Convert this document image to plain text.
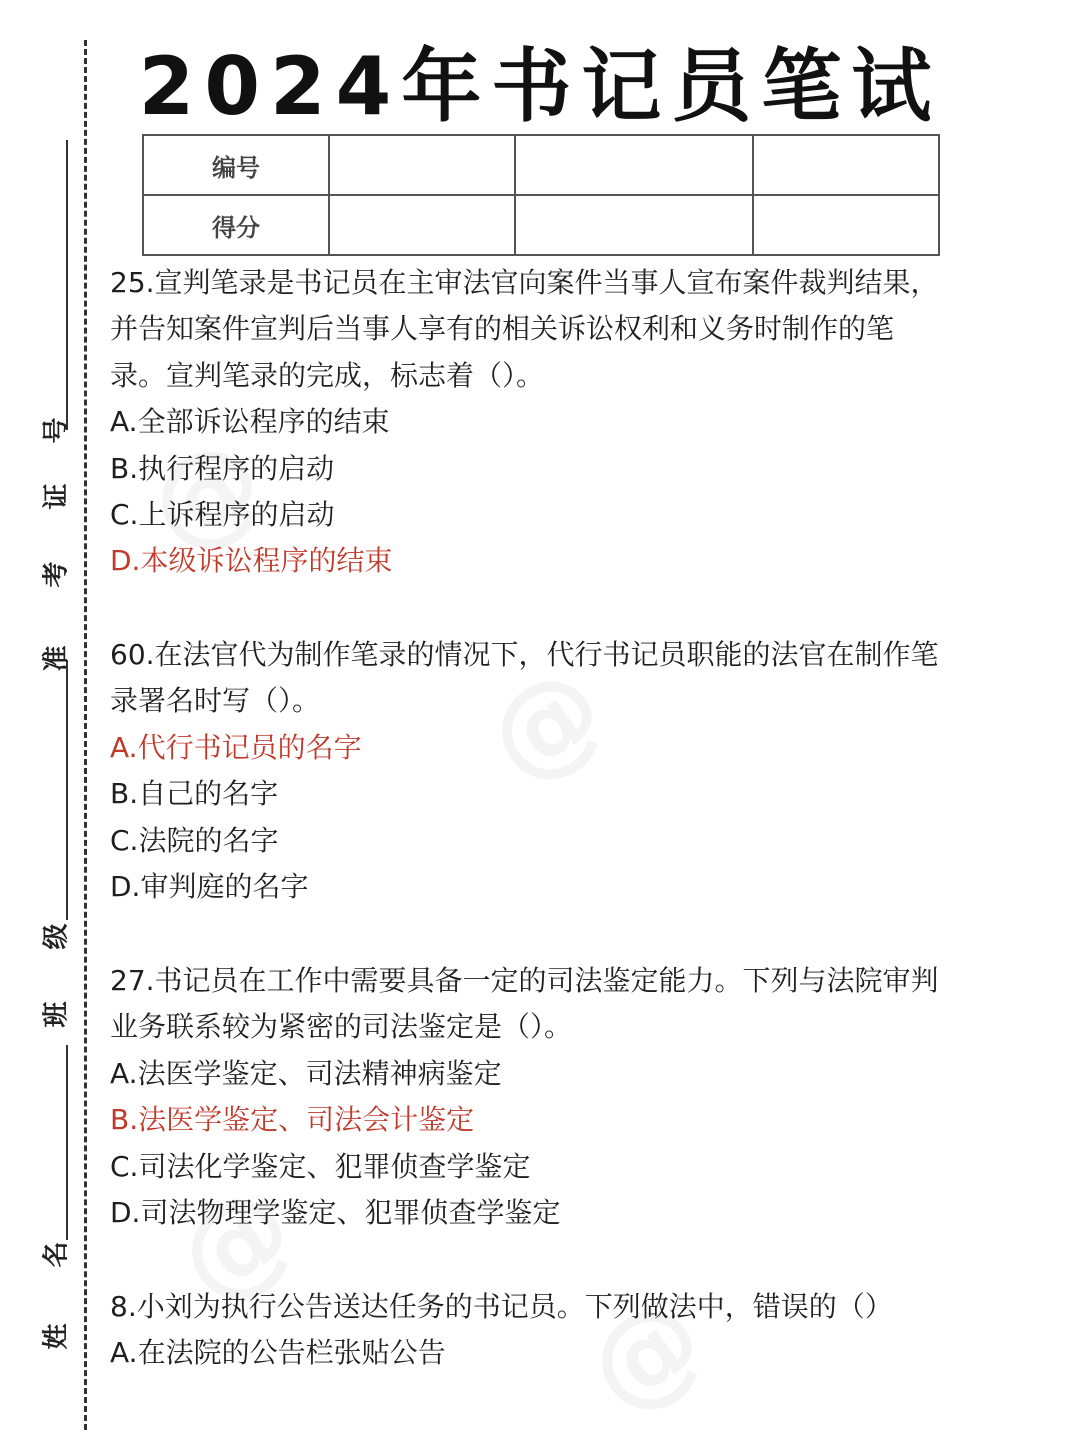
号
证
考
准
级
班
名
姓
2024年书记员笔试
编号			
得分			
25.宣判笔录是书记员在主审法官向案件当事人宣布案件裁判结果，
并告知案件宣判后当事人享有的相关诉讼权利和义务时制作的笔
录。宣判笔录的完成，标志着（）。
A.全部诉讼程序的结束
B.执行程序的启动
C.上诉程序的启动
D.本级诉讼程序的结束
60.在法官代为制作笔录的情况下，代行书记员职能的法官在制作笔
录署名时写（）。
A.代行书记员的名字
B.自己的名字
C.法院的名字
D.审判庭的名字
27.书记员在工作中需要具备一定的司法鉴定能力。下列与法院审判
业务联系较为紧密的司法鉴定是（）。
A.法医学鉴定、司法精神病鉴定
B.法医学鉴定、司法会计鉴定
C.司法化学鉴定、犯罪侦查学鉴定
D.司法物理学鉴定、犯罪侦查学鉴定
8.小刘为执行公告送达任务的书记员。下列做法中，错误的（）
A.在法院的公告栏张贴公告
